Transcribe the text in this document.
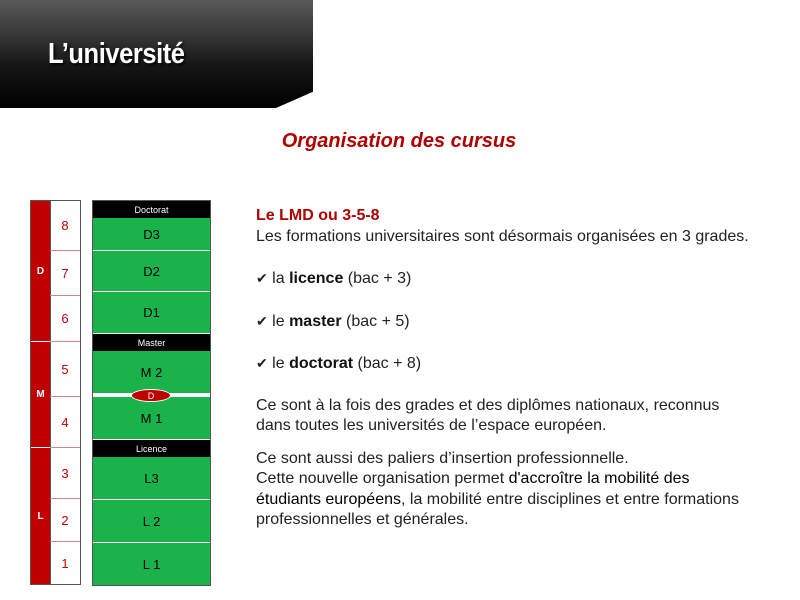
L’université
Organisation des cursus
D
M
L
8
7
6
5
4
3
2
1
Doctorat
D3
D2
D1
Master
M 2
M 1
Licence
L3
L 2
L 1
D

Le LMD ou 3-5-8

Les formations universitaires sont désormais organisées en 3 grades.

✔ la licence (bac + 3)

✔ le master (bac + 5)

✔ le doctorat (bac + 8)

Ce sont à la fois des grades et des diplômes nationaux, reconnus dans toutes les universités de l’espace européen.

Ce sont aussi des paliers d’insertion professionnelle.

Cette nouvelle organisation permet d'accroître la mobilité des étudiants européens, la mobilité entre disciplines et entre formations professionnelles et générales.
